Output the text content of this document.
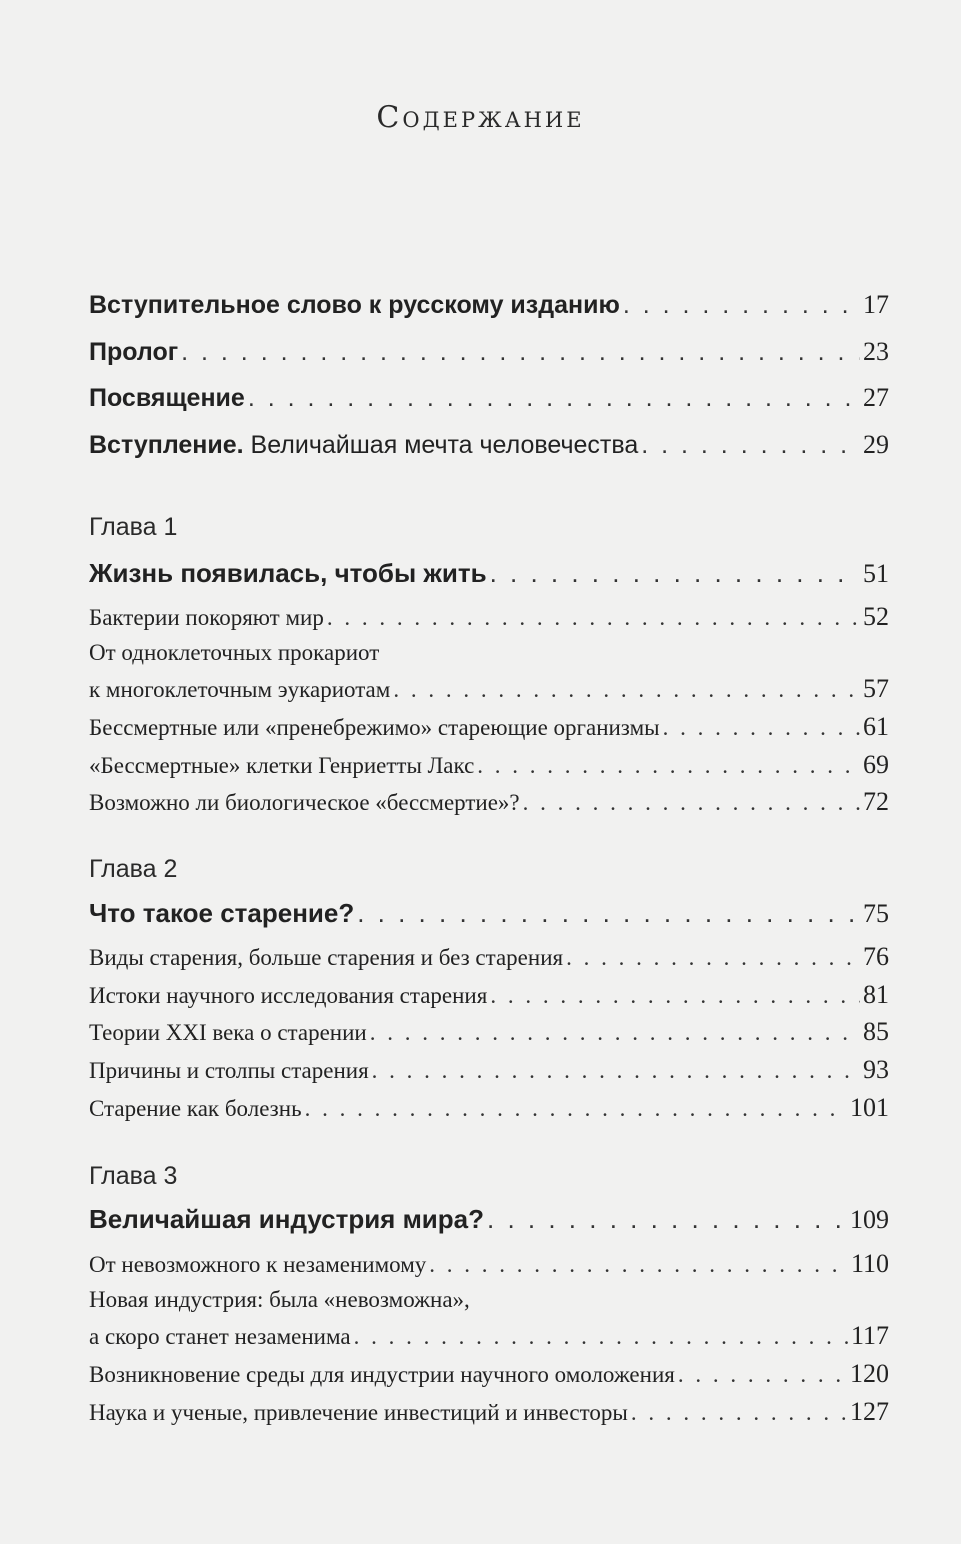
Содержание
Вступительное слово к русскому изданию . . .	17
Пролог . . .	23
Посвящение . . .	27
Вступление. Величайшая мечта человечества . . .	29
Глава 1
Жизнь появилась, чтобы жить . . .	51
Бактерии покоряют мир . . .	52
От одноклеточных прокариот
к многоклеточным эукариотам . . .	57
Бессмертные или «пренебрежимо» стареющие организмы . . .	61
«Бессмертные» клетки Генриетты Лакс . . .	69
Возможно ли биологическое «бессмертие»? . . .	72
Глава 2
Что такое старение? . . .	75
Виды старения, больше старения и без старения . . .	76
Истоки научного исследования старения . . .	81
Теории XXI века о старении . . .	85
Причины и столпы старения . . .	93
Старение как болезнь . . .	101
Глава 3
Величайшая индустрия мира? . . .	109
От невозможного к незаменимому . . .	110
Новая индустрия: была «невозможна»,
а скоро станет незаменима . . .	117
Возникновение среды для индустрии научного омоложения . . .	120
Наука и ученые, привлечение инвестиций и инвесторы . . .	127
